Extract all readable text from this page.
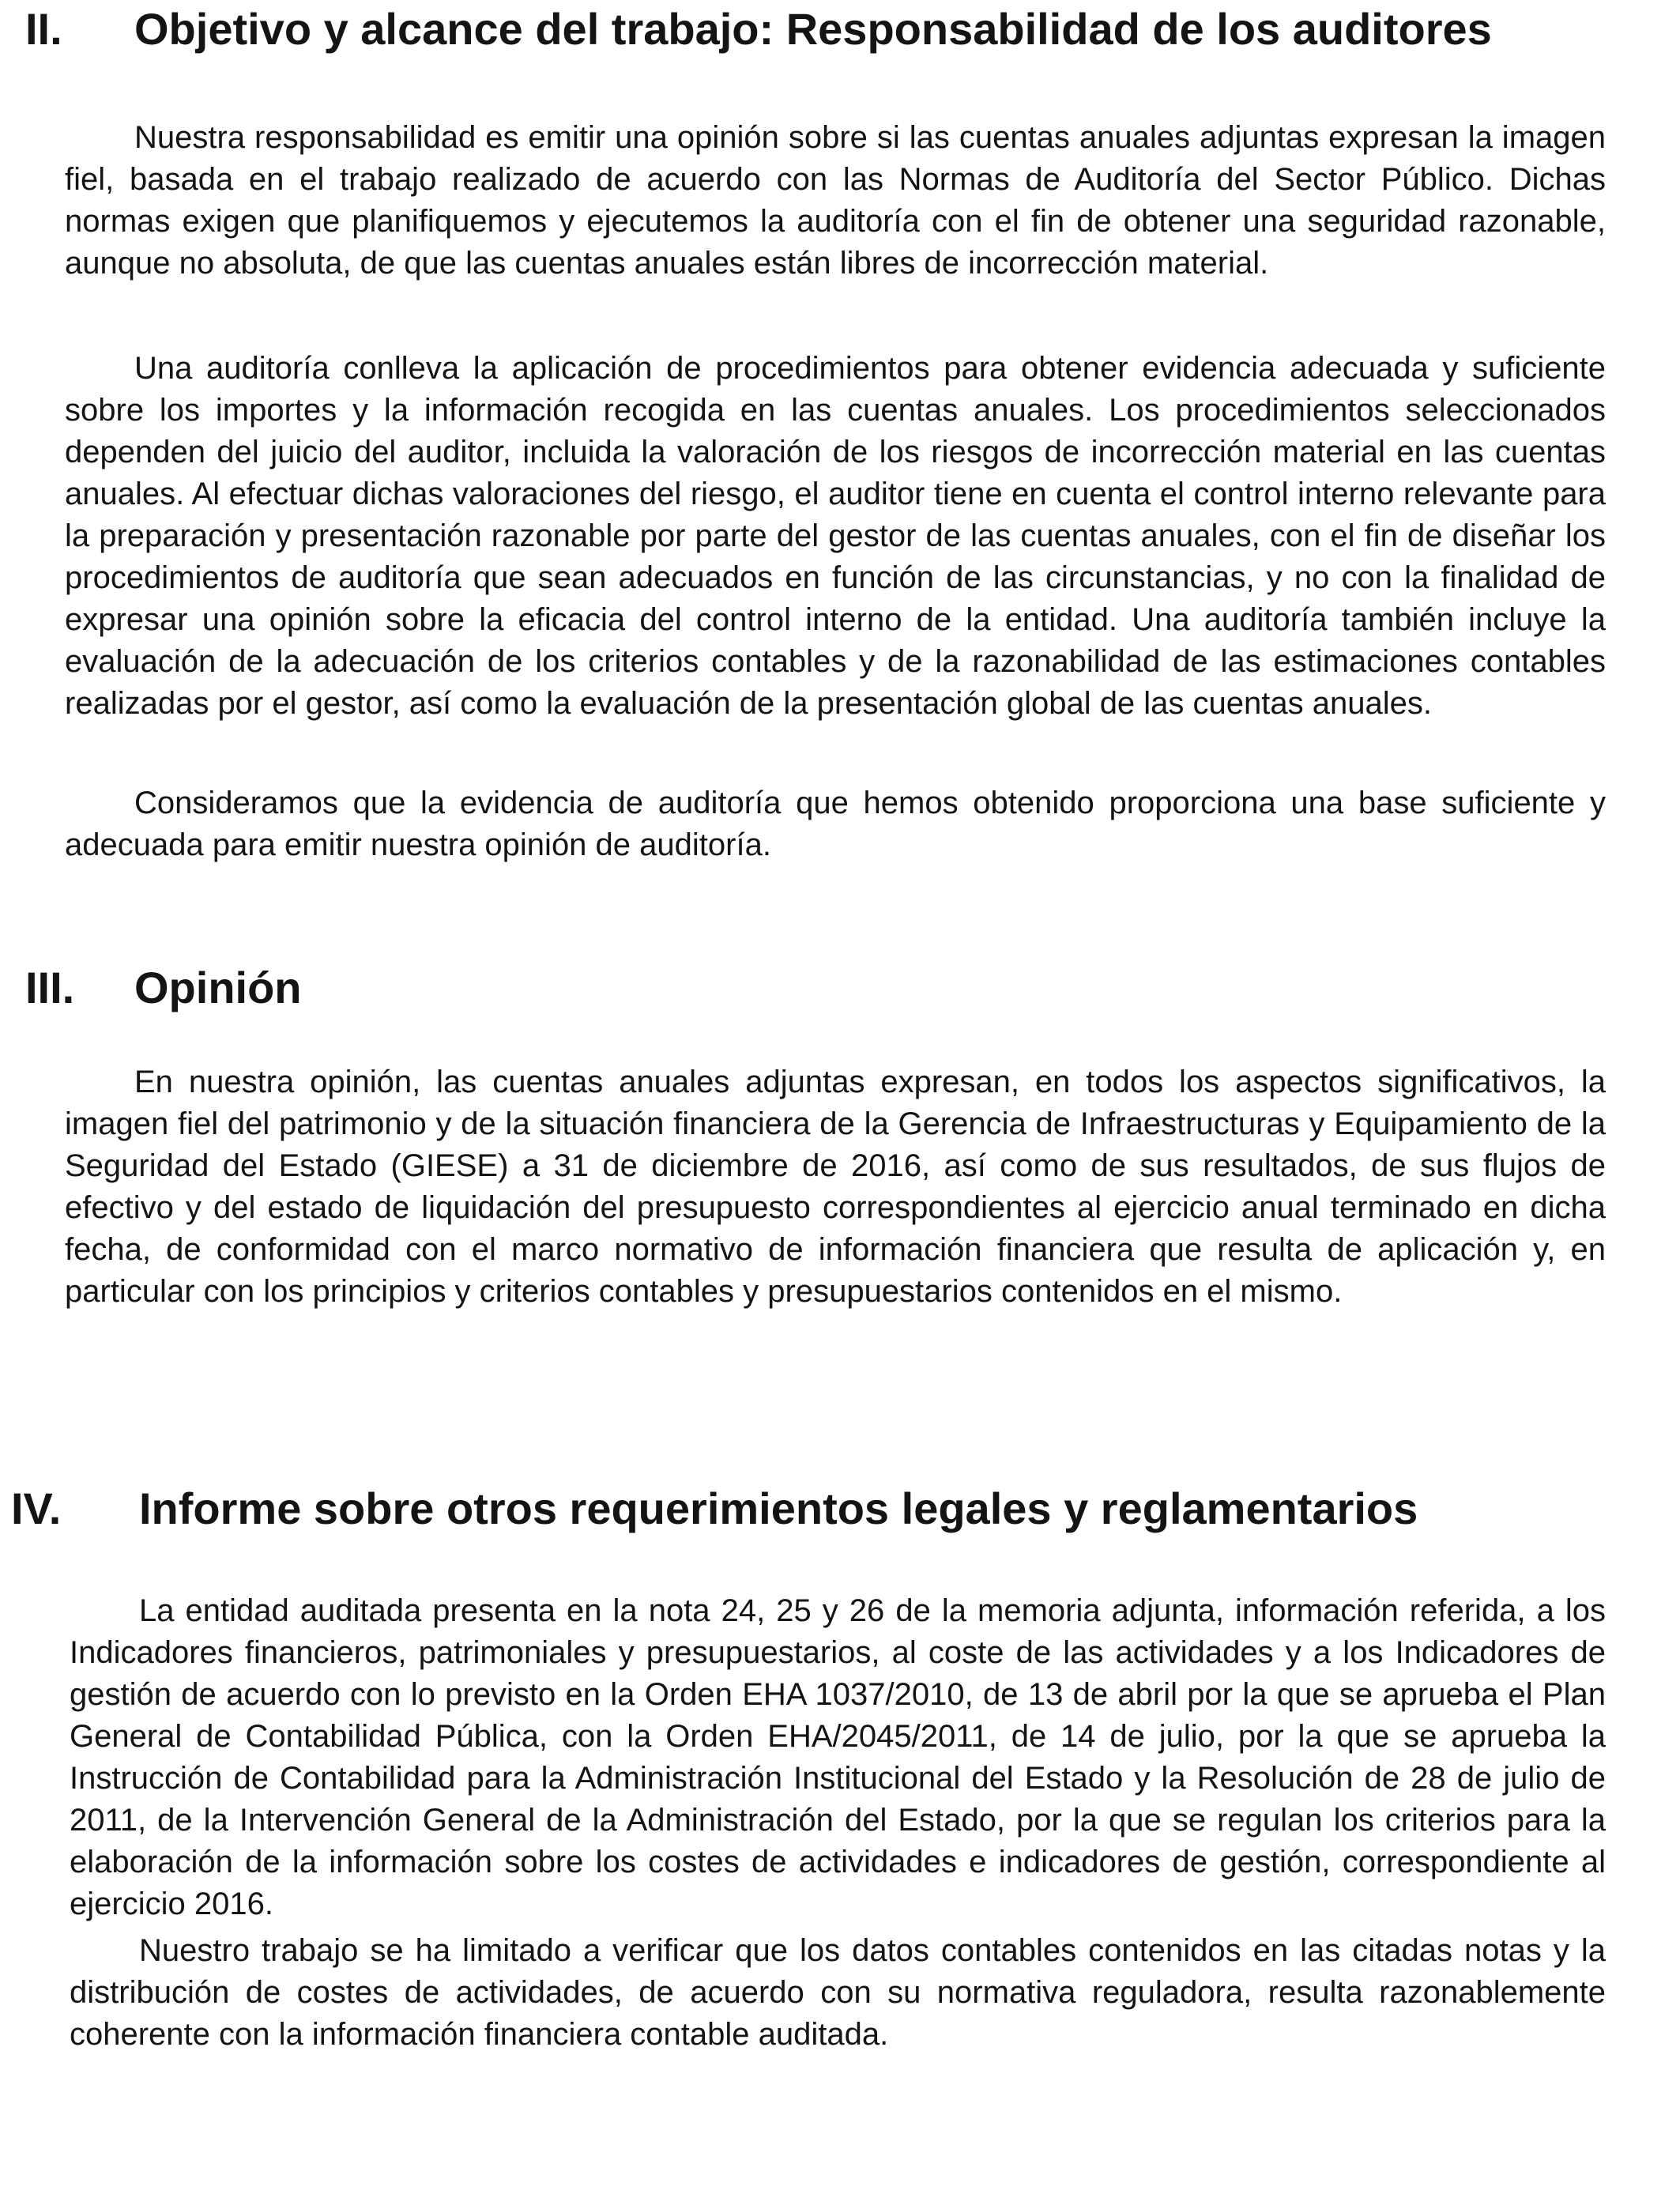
II. Objetivo y alcance del trabajo: Responsabilidad de los auditores

Nuestra responsabilidad es emitir una opinión sobre si las cuentas anuales adjuntas expresan la imagen fiel, basada en el trabajo realizado de acuerdo con las Normas de Auditoría del Sector Público. Dichas normas exigen que planifiquemos y ejecutemos la auditoría con el fin de obtener una seguridad razonable, aunque no absoluta, de que las cuentas anuales están libres de incorrección material.

Una auditoría conlleva la aplicación de procedimientos para obtener evidencia adecuada y suficiente sobre los importes y la información recogida en las cuentas anuales. Los procedimientos seleccionados dependen del juicio del auditor, incluida la valoración de los riesgos de incorrección material en las cuentas anuales. Al efectuar dichas valoraciones del riesgo, el auditor tiene en cuenta el control interno relevante para la preparación y presentación razonable por parte del gestor de las cuentas anuales, con el fin de diseñar los procedimientos de auditoría que sean adecuados en función de las circunstancias, y no con la finalidad de expresar una opinión sobre la eficacia del control interno de la entidad. Una auditoría también incluye la evaluación de la adecuación de los criterios contables y de la razonabilidad de las estimaciones contables realizadas por el gestor, así como la evaluación de la presentación global de las cuentas anuales.

Consideramos que la evidencia de auditoría que hemos obtenido proporciona una base suficiente y adecuada para emitir nuestra opinión de auditoría.

III. Opinión

En nuestra opinión, las cuentas anuales adjuntas expresan, en todos los aspectos significativos, la imagen fiel del patrimonio y de la situación financiera de la Gerencia de Infraestructuras y Equipamiento de la Seguridad del Estado (GIESE) a 31 de diciembre de 2016, así como de sus resultados, de sus flujos de efectivo y del estado de liquidación del presupuesto correspondientes al ejercicio anual terminado en dicha fecha, de conformidad con el marco normativo de información financiera que resulta de aplicación y, en particular con los principios y criterios contables y presupuestarios contenidos en el mismo.

IV. Informe sobre otros requerimientos legales y reglamentarios

La entidad auditada presenta en la nota 24, 25 y 26 de la memoria adjunta, información referida, a los Indicadores financieros, patrimoniales y presupuestarios, al coste de las actividades y a los Indicadores de gestión de acuerdo con lo previsto en la Orden EHA 1037/2010, de 13 de abril por la que se aprueba el Plan General de Contabilidad Pública, con la Orden EHA/2045/2011, de 14 de julio, por la que se aprueba la Instrucción de Contabilidad para la Administración Institucional del Estado y la Resolución de 28 de julio de 2011, de la Intervención General de la Administración del Estado, por la que se regulan los criterios para la elaboración de la información sobre los costes de actividades e indicadores de gestión, correspondiente al ejercicio 2016.

Nuestro trabajo se ha limitado a verificar que los datos contables contenidos en las citadas notas y la distribución de costes de actividades, de acuerdo con su normativa reguladora, resulta razonablemente coherente con la información financiera contable auditada.
